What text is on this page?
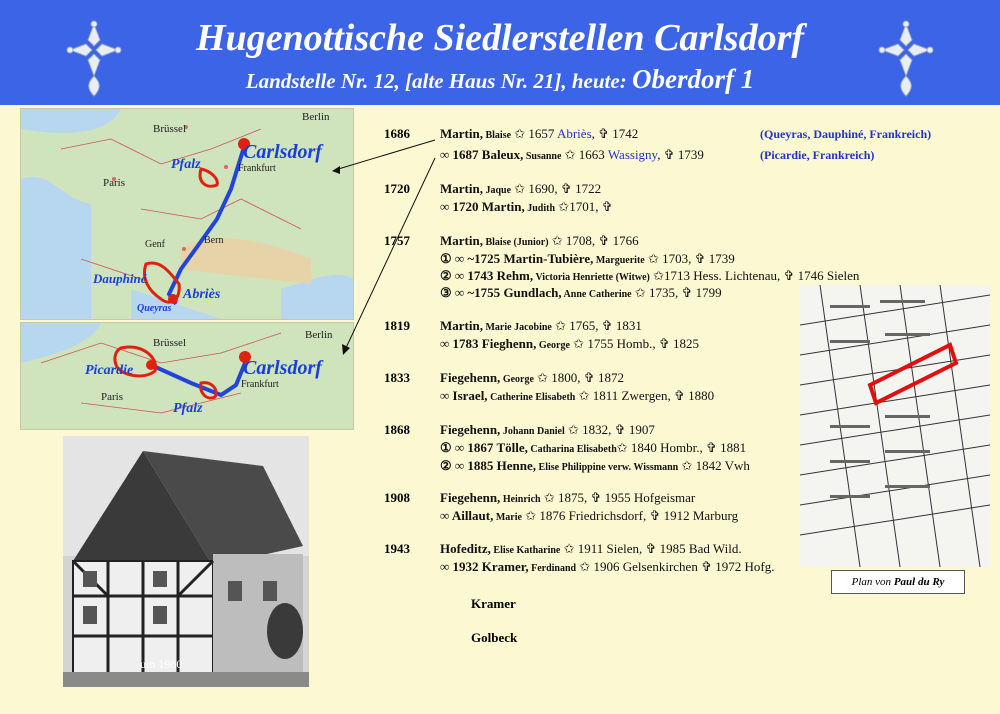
Hugenottische Siedlerstellen Carlsdorf
Landstelle Nr. 12, [alte Haus Nr. 21], heute: Oberdorf 1
Brüssel
Berlin
Carlsdorf
Frankfurt
Pfalz
Paris
Genf	Bern
Dauphiné
Abriès
Queyras
Brüssel
Berlin
Carlsdorf
Frankfurt
Picardie
Paris
Pfalz
um 1980
Plan von Paul du Ry
1686 Martin, Blaise ✩ 1657 Abriès, ✞ 1742	(Queyras, Dauphiné, Frankreich)
∞ 1687 Baleux, Susanne ✩ 1663 Wassigny, ✞ 1739	(Picardie, Frankreich)
1720 Martin, Jaque ✩ 1690, ✞ 1722
∞ 1720 Martin, Judith ✩1701, ✞
1757 Martin, Blaise (Junior) ✩ 1708, ✞ 1766
① ∞ ~1725 Martin-Tubière, Marguerite ✩ 1703, ✞ 1739
② ∞ 1743 Rehm, Victoria Henriette (Witwe) ✩1713 Hess. Lichtenau, ✞ 1746 Sielen
③ ∞ ~1755 Gundlach, Anne Catherine ✩ 1735, ✞ 1799
1819 Martin, Marie Jacobine ✩ 1765, ✞ 1831
∞ 1783 Fieghenn, George ✩ 1755 Homb., ✞ 1825
1833 Fiegehenn, George ✩ 1800, ✞ 1872
∞ Israel, Catherine Elisabeth ✩ 1811 Zwergen, ✞ 1880
1868 Fiegehenn, Johann Daniel ✩ 1832, ✞ 1907
① ∞ 1867 Tölle, Catharina Elisabeth✩ 1840 Hombr., ✞ 1881
② ∞ 1885 Henne, Elise Philippine verw. Wissmann ✩ 1842 Vwh
1908 Fiegehenn, Heinrich ✩ 1875, ✞ 1955 Hofgeismar
∞ Aillaut, Marie ✩ 1876 Friedrichsdorf, ✞ 1912 Marburg
1943 Hofeditz, Elise Katharine ✩ 1911 Sielen, ✞ 1985 Bad Wild.
∞ 1932 Kramer, Ferdinand ✩ 1906 Gelsenkirchen ✞ 1972 Hofg.
Kramer
Golbeck
